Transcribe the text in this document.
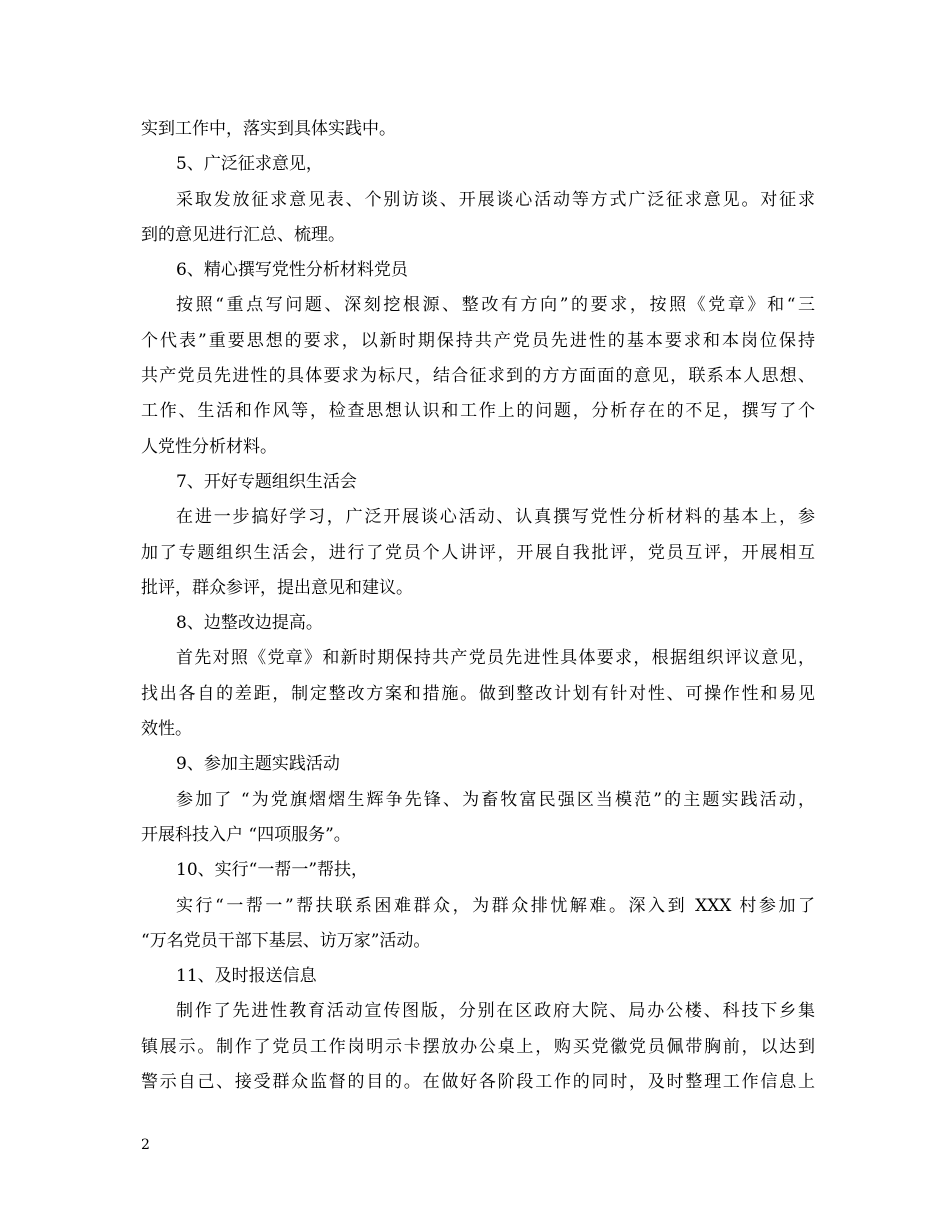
实到工作中，落实到具体实践中。
5、广泛征求意见，
采取发放征求意见表、个别访谈、开展谈心活动等方式广泛征求意见。对征求
到的意见进行汇总、梳理。
6、精心撰写党性分析材料党员
按照“重点写问题、深刻挖根源、整改有方向”的要求，按照《党章》和“三
个代表”重要思想的要求，以新时期保持共产党员先进性的基本要求和本岗位保持
共产党员先进性的具体要求为标尺，结合征求到的方方面面的意见，联系本人思想、
工作、生活和作风等，检查思想认识和工作上的问题，分析存在的不足，撰写了个
人党性分析材料。
7、开好专题组织生活会
在进一步搞好学习，广泛开展谈心活动、认真撰写党性分析材料的基本上，参
加了专题组织生活会，进行了党员个人讲评，开展自我批评，党员互评，开展相互
批评，群众参评，提出意见和建议。
8、边整改边提高。
首先对照《党章》和新时期保持共产党员先进性具体要求，根据组织评议意见，
找出各自的差距，制定整改方案和措施。做到整改计划有针对性、可操作性和易见
效性。
9、参加主题实践活动
参加了 “为党旗熠熠生辉争先锋、为畜牧富民强区当模范”的主题实践活动，
开展科技入户 “四项服务”。
10、实行“一帮一”帮扶，
实行“一帮一”帮扶联系困难群众，为群众排忧解难。深入到 XXX 村参加了
“万名党员干部下基层、访万家”活动。
11、及时报送信息
制作了先进性教育活动宣传图版，分别在区政府大院、局办公楼、科技下乡集
镇展示。制作了党员工作岗明示卡摆放办公桌上，购买党徽党员佩带胸前，以达到
警示自己、接受群众监督的目的。在做好各阶段工作的同时，及时整理工作信息上
2
